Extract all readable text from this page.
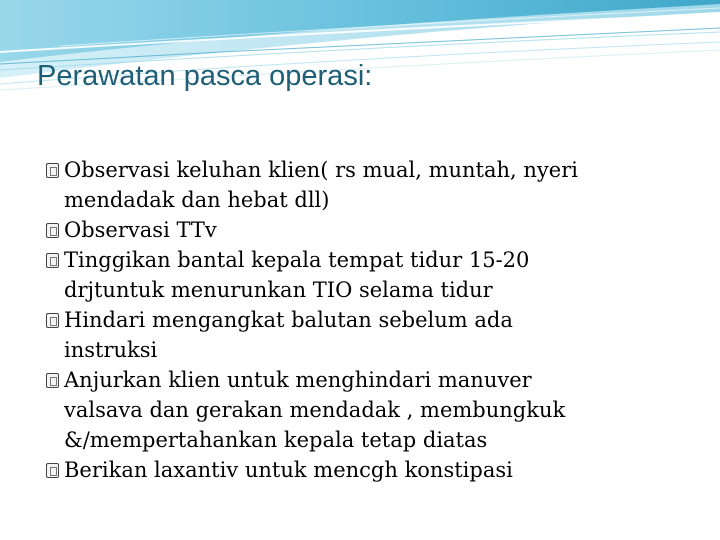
Perawatan pasca operasi:
Observasi keluhan klien( rs mual, muntah, nyeri
mendadak dan hebat dll)
Observasi TTv
Tinggikan bantal kepala tempat tidur 15-20
drjtuntuk menurunkan TIO selama tidur
Hindari mengangkat balutan sebelum ada
instruksi
Anjurkan klien untuk menghindari manuver
valsava dan gerakan mendadak , membungkuk
&/mempertahankan kepala tetap diatas
Berikan laxantiv untuk mencgh konstipasi
